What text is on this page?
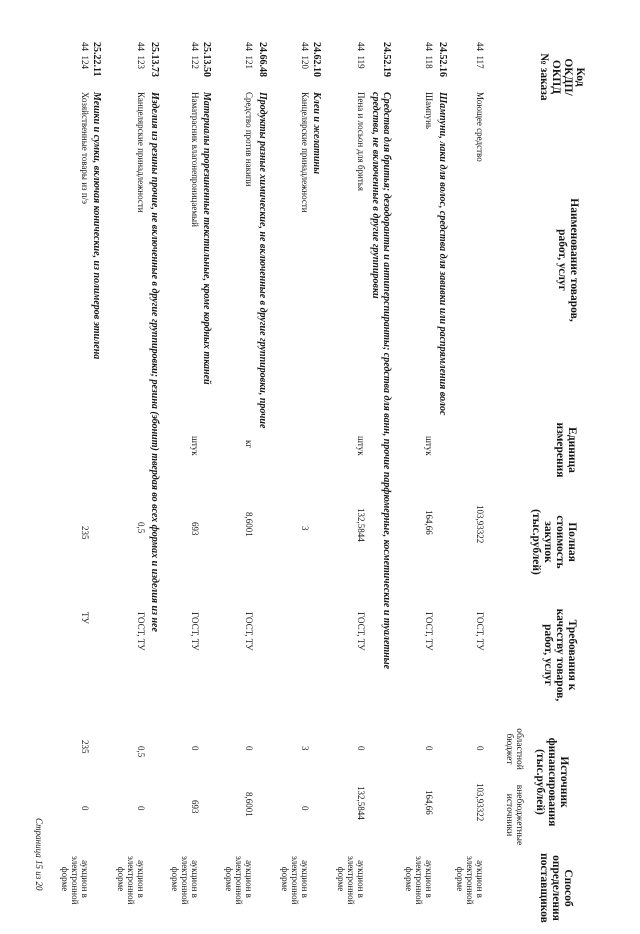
Код
ОКДП/
ОКПД
№ заказа
Наименование товаров,
работ, услуг
Единица
измерения
Полная
стоимость
закупок
(тыс.рублей)
Требования к
качеству товаров,
работ, услуг
Источник
финансирования
(тыс.рублей)
областной
бюджет
внебюджетные
источники
Способ
определения
поставщиков
44  117
Моющее средство
103,93322
ГОСТ, ТУ
0
103,93322
аукцион в электронной форме
24.52.16
Шампуни, лаки для волос, средства для завивки или распрямления волос
44  118
Шампунь
штук
164,66
ГОСТ, ТУ
0
164,66
аукцион в электронной форме
24.52.19
Средства для бритья; дезодоранты и антиперспиранты; средства для ванн, прочие парфюмерные, косметические и туалетные
средства, не включенные в другие группировки
44  119
Пена и лосьон для бритья
штук
132,5844
ГОСТ, ТУ
0
132,5844
аукцион в электронной форме
24.62.10
Клеи и желатины
44  120
Канцелярские принадлежности
3
3
0
аукцион в электронной форме
24.66.48
Продукты разные химические, не включенные в другие группировки, прочие
44  121
Средство против накипи
кг
8,6001
ГОСТ, ТУ
0
8,6001
аукцион в электронной форме
25.13.50
Материалы прорезиненные текстильные, кроме кордных тканей
44  122
Наматрасник влагонепроницаемый
штук
693
ГОСТ, ТУ
0
693
аукцион в электронной форме
25.13.73
Изделия из резины прочие, не включенные в другие группировки; резина (эбонит) твердая во всех формах и изделия из нее
44  123
Канцелярские принадлежности
0,5
ГОСТ, ТУ
0,5
0
аукцион в электронной форме
25.22.11
Мешки и сумки, включая конические, из полимеров этилена
44  124
Хозяйственные товары из п/э
235
ТУ
235
0
аукцион в электронной форме
Страница 15 из 20
